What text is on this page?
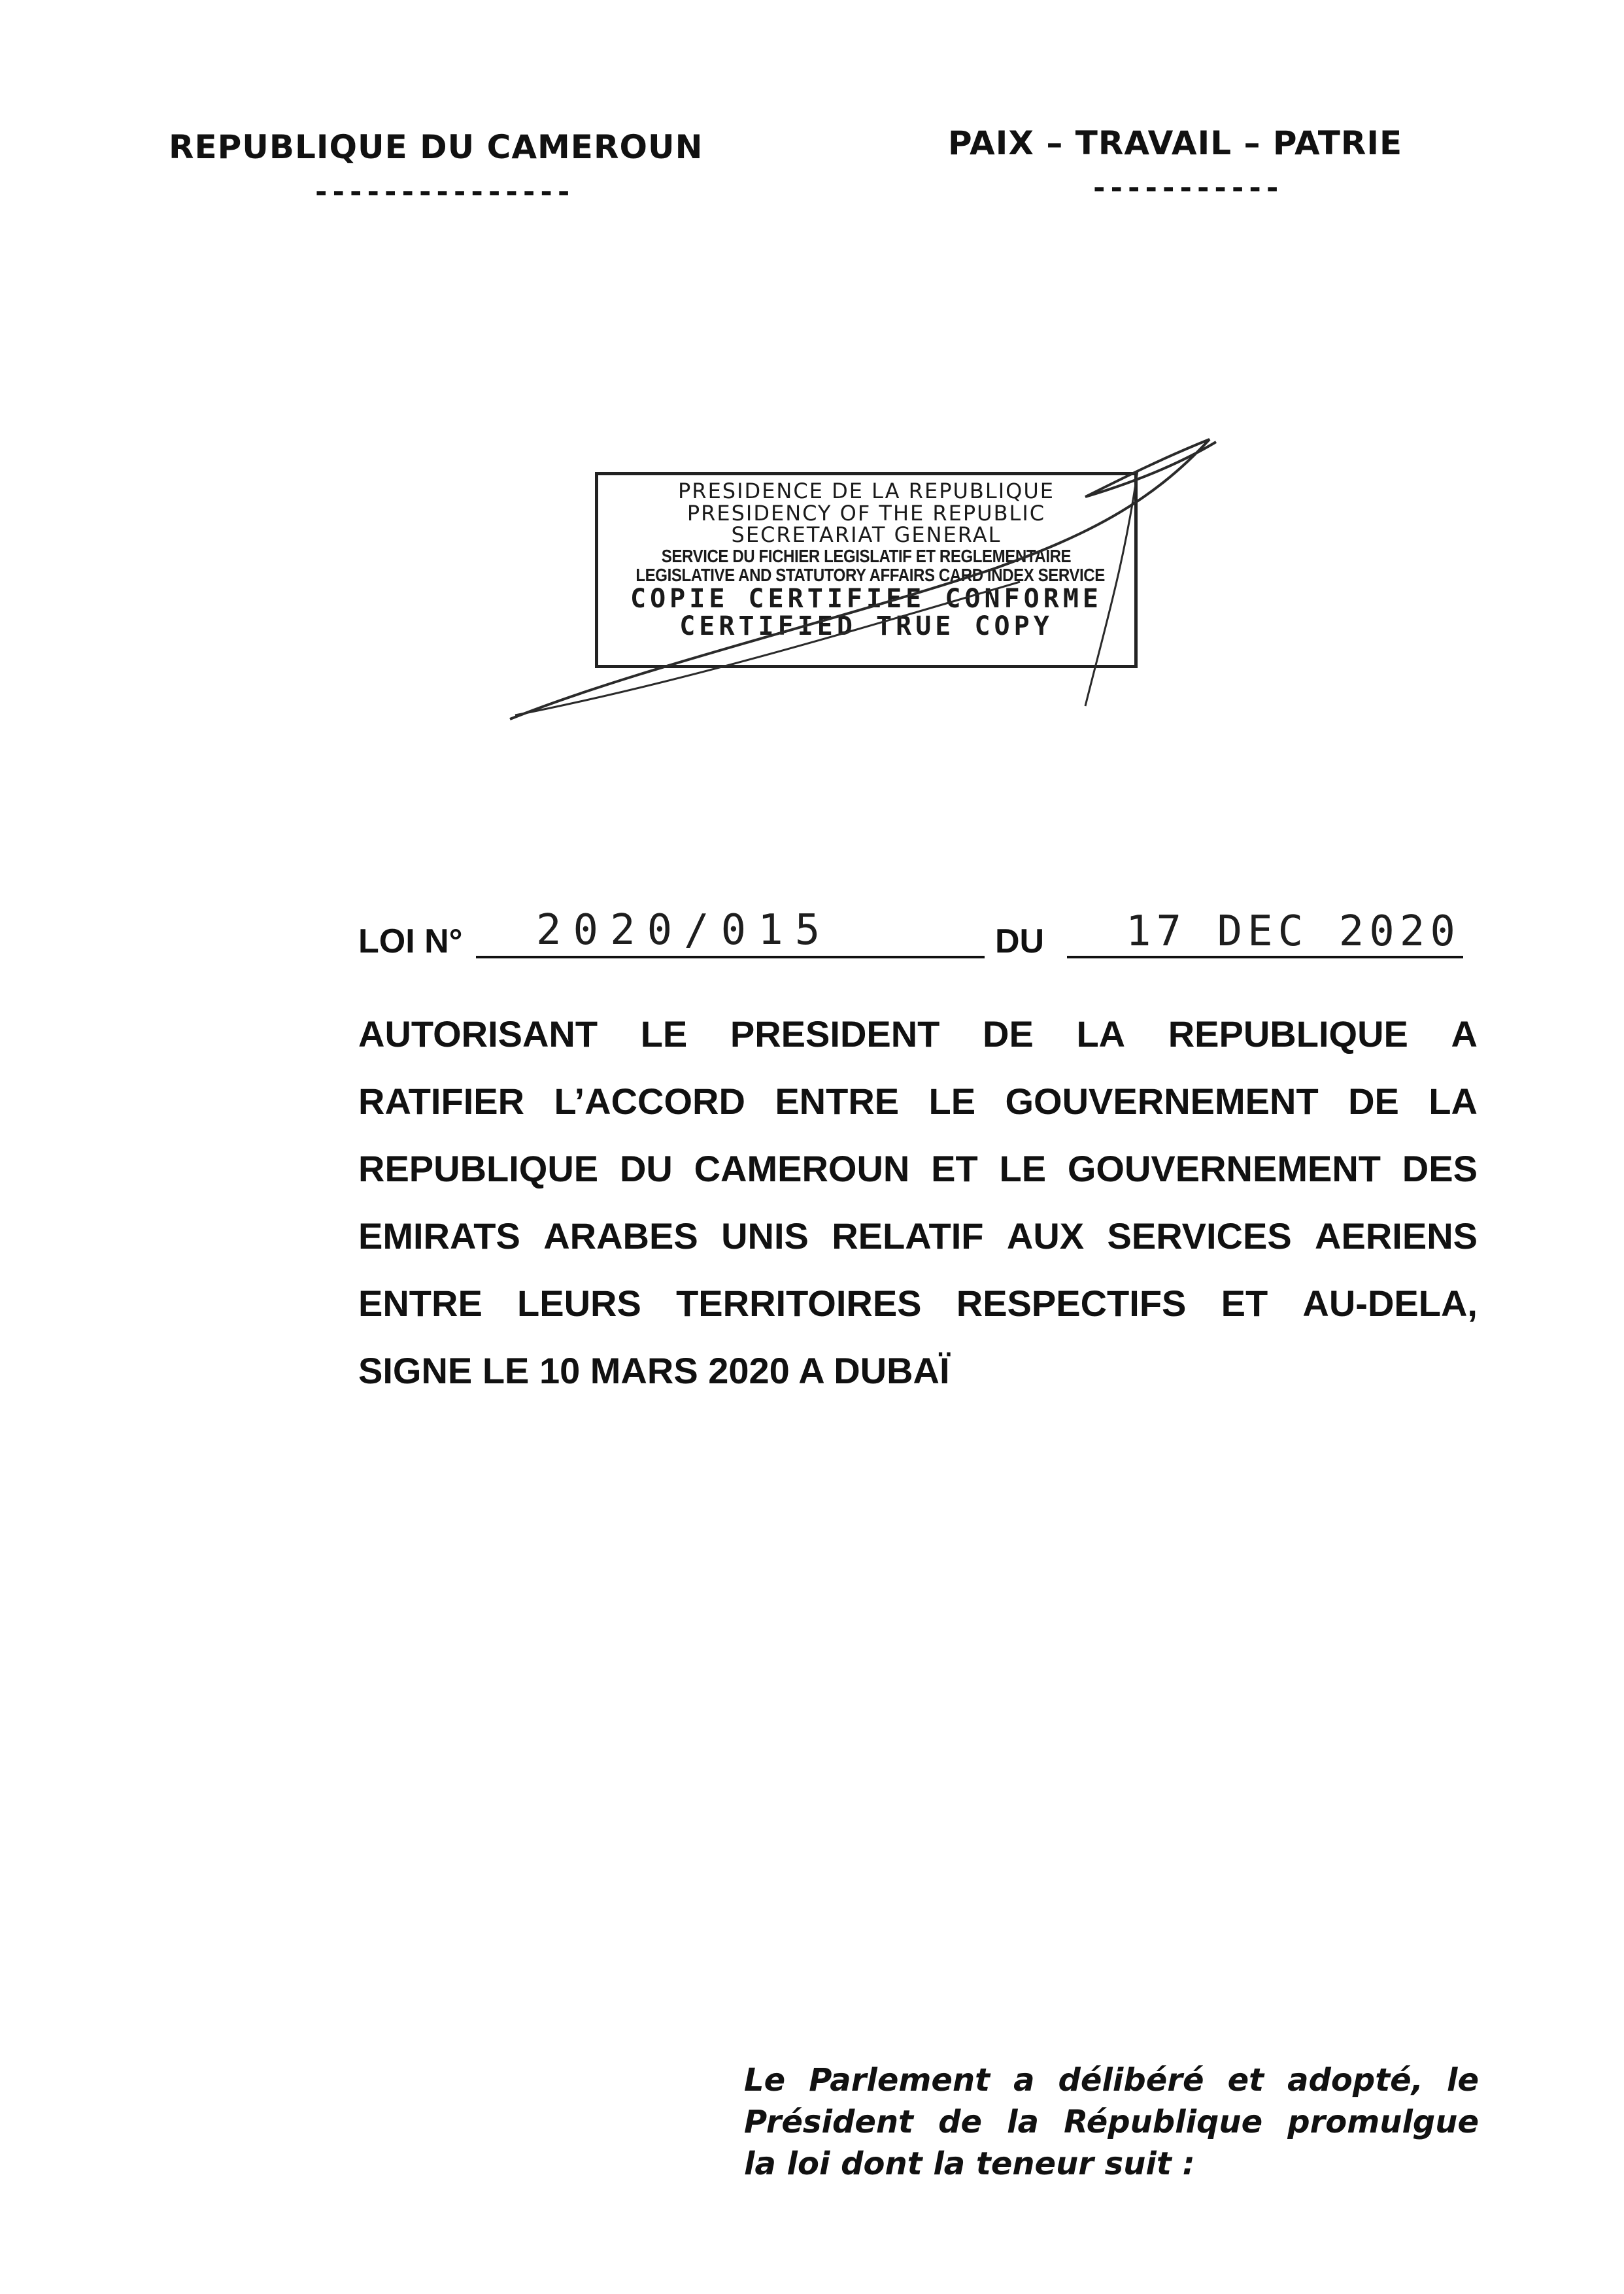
REPUBLIQUE DU CAMEROUN
---------------
PAIX – TRAVAIL – PATRIE
-----------
PRESIDENCE DE LA REPUBLIQUE
PRESIDENCY OF THE REPUBLIC
SECRETARIAT GENERAL
SERVICE DU FICHIER LEGISLATIF ET REGLEMENTAIRE
LEGISLATIVE AND STATUTORY AFFAIRS CARD INDEX SERVICE
COPIE CERTIFIEE CONFORME
CERTIFIED TRUE COPY
LOI N° 2020/015	DU 17 DEC 2020
AUTORISANT LE PRESIDENT DE LA REPUBLIQUE A
RATIFIER L’ACCORD ENTRE LE GOUVERNEMENT DE LA
REPUBLIQUE DU CAMEROUN ET LE GOUVERNEMENT DES
EMIRATS ARABES UNIS RELATIF AUX SERVICES AERIENS
ENTRE LEURS TERRITOIRES RESPECTIFS ET AU-DELA,
SIGNE LE 10 MARS 2020 A DUBAÏ
Le Parlement a délibéré et adopté, le
Président de la République promulgue
la loi dont la teneur suit :
